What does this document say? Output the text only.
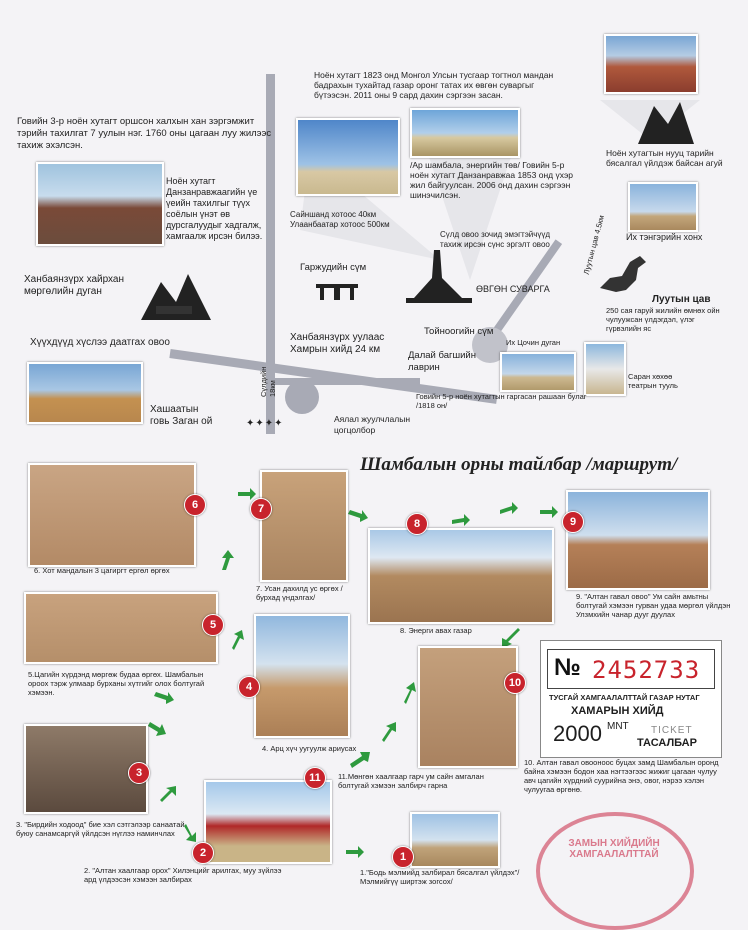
Говийн 3-р ноён хутагт оршсон халхын хан зэргэмжит тэрийн тахилгат 7 уулын нэг. 1760 оны цагаан луу жилээс тахиж эхэлсэн.
Ноён хутагт Данзанравжаагийн үе үеийн тахилгыг түүх соёлын үнэт өв дурсгалуудыг хадгалж, хамгаалж ирсэн билээ.
Ханбаянзүрх хайрхан мөргөлийн дуган
Хүүхдүүд хүслээ даатгах овоо
Хашаатын говь Заган ой
Сүлдийн 18км
✦✦✦✦	Аялал жуулчлалын цогцолбор
Ноён хутагт 1823 онд Монгол Улсын тусгаар тогтнол мандан бадрахын тухайтад газар оронг татах их өвгөн суваргыг бүтээсэн. 2011 оны 9 сард дахин сэргээн засан.
/Ар шамбала, энергийн төв/ Говийн 5-р ноён хутагт Данзанравжаа 1853 онд үхэр жил байгуулсан. 2006 онд дахин сэргээн шинэчилсэн.
Ноён хутагтын нууц тарийн бясалгал үйлдэж байсан агуй
Сайншанд хотоос 40км
Улаанбаатар хотоос 500км
Сүлд овоо зочид эмэгтэйчүүд тахиж ирсэн сүнс эргэлт овоо
Гаржудийн сүм
ӨВГӨН СУВАРГА
Тойноогийн сүм
Далай багшийн лаврин
Ханбаянзүрх уулаас Хамрын хийд 24 км
Луутын цав 4.5км Их тэнгэрийн хонх
Луутын цав
250 сая гаруй жилийн өмнөх ойн чулуужсан үлдэгдэл, үлэг гүрвэлийн яс
Их Цочин дуган
Саран хөхөө театрын тууль
Говийн 5-р ноён хутагтын гаргасан рашаан булаг /1818 он/
Шамбалын орны тайлбар /маршрут/
1
2
3
4
5
6	7
8	9
10
11
6. Хот мандалын 3 цагиргт ергөл өргөх
7. Усан дахилд ус өргөх /бурхад үндэлгах/
8. Энерги авах газар
9. "Алтан гавал овоо" Ум сайн амьтны болтугай хэмээн гурван удаа мөргөл үйлдэн Улзмхийн чанар дууг дуулах
5.Цагийн хүрдэнд мөргөж будаа өргөх. Шамбалын ороох тэрж улмаар бурханы хүтгийг олох болтугай хэмээн.
4. Арц хүч уугуулж ариусах
10. Алтан гавал овоонооc буцах замд Шамбалын оронд байна хэмээн бодон хаа нэгтээгээс жижиг цагаан чулуу авч цагийн хүрдний суурийна энэ, овог, нэрээ хэлэн чулуугаа өргөнө.
11.Мөнгөн хаалгаар гарч ум сайн амгалан болтугай хэмээн залбирч гарна
3. "Бирдийн ходоод" бие хэл сэтгэлээр санаатай буюу санамсаргүй үйлдсэн нүглээ наминчлах
2. "Алтан хаалгаар орох" Хилэнцийг арилгах, муу зүйлээ ард үлдээсэн хэмээн залбирах
1."Бодь мэлмийд залбирал бясалгал үйлдэх"/ Мэлмийгүү ширтэж зогсох/
№ 2452733
ТУСГАЙ ХАМГААЛАЛТТАЙ ГАЗАР НУТАГ
ХАМАРЫН ХИЙД
2000 MNT TICKET
ТАСАЛБАР
ЗАМЫН ХИЙДИЙН ХАМГААЛАЛТТАЙ
